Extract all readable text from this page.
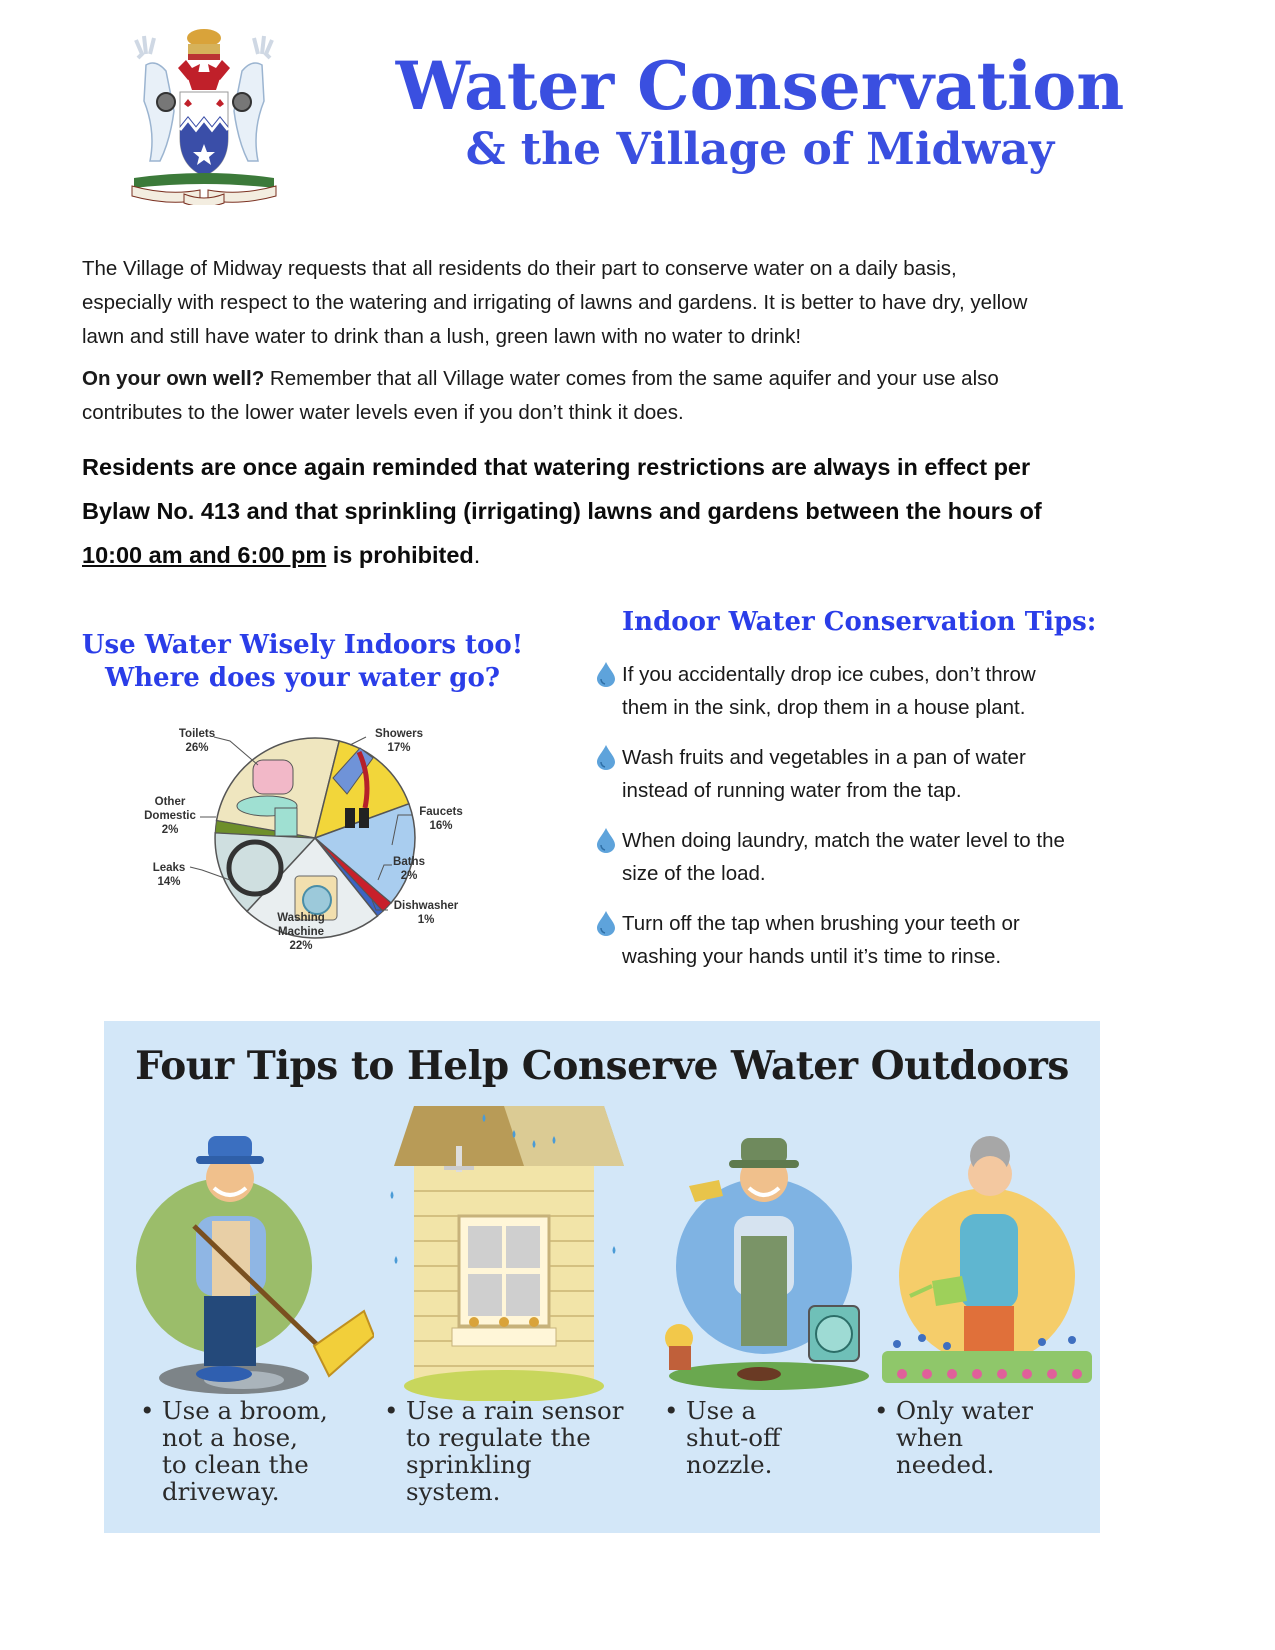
Water Conservation
& the Village of Midway
The Village of Midway requests that all residents do their part to conserve water on a daily basis,
especially with respect to the watering and irrigating of lawns and gardens. It is better to have dry, yellow
lawn and still have water to drink than a lush, green lawn with no water to drink!
On your own well? Remember that all Village water comes from the same aquifer and your use also
contributes to the lower water levels even if you don’t think it does.
Residents are once again reminded that watering restrictions are always in effect per
Bylaw No. 413 and that sprinkling (irrigating) lawns and gardens between the hours of
10:00 am and 6:00 pm is prohibited.
Use Water Wisely Indoors too!
Where does your water go?
Toilets
26%
Showers
17%
Faucets
16%
Baths
2%
Dishwasher
1%
Washing
Machine
22%
Leaks
14%
Other
Domestic
2%
Indoor Water Conservation Tips:
If you accidentally drop ice cubes, don’t throw
them in the sink, drop them in a house plant.
Wash fruits and vegetables in a pan of water
instead of running water from the tap.
When doing laundry, match the water level to the
size of the load.
Turn off the tap when brushing your teeth or
washing your hands until it’s time to rinse.
Four Tips to Help Conserve Water Outdoors
• Use a broom,
not a hose,
to clean the
driveway.
• Use a rain sensor
to regulate the
sprinkling
system.
• Use a
shut-off
nozzle.
• Only water
when
needed.
